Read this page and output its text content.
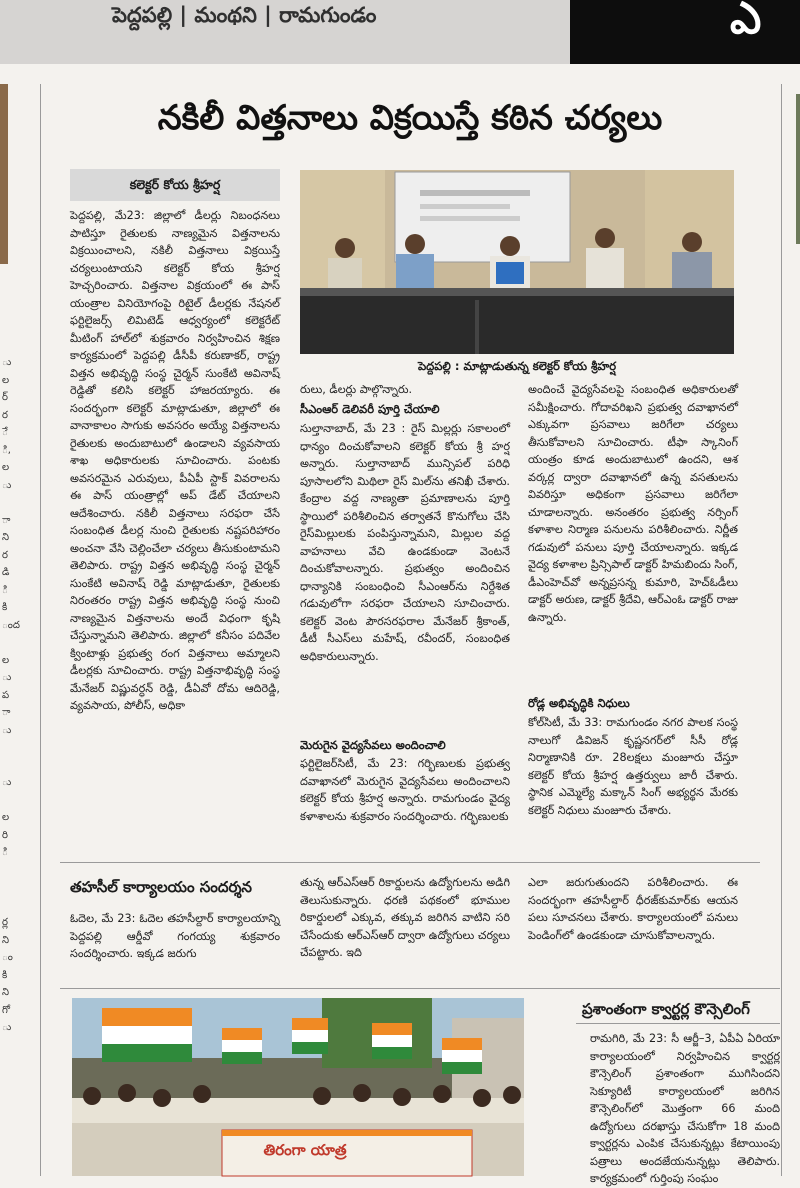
పెద్దపల్లి | మంథని | రామగుండం	ఎ
ు
ల
ర్
ర
ే
ి,
ల
ు

ా
ని
ర
డి
ి
కి
ంద

ల
ు
ప
ా
ు

ు

ల
రి
ి

ర్ల
ని
ం
కి
ని
గో
ు
నకిలీ విత్తనాలు విక్రయిస్తే కఠిన చర్యలు
కలెక్టర్ కోయ శ్రీహర్ష
పెద్దపల్లి : మాట్లాడుతున్న కలెక్టర్ కోయ శ్రీహర్ష
పెద్దపల్లి, మే23: జిల్లాలో డీలర్లు నిబంధనలు పాటిస్తూ రైతులకు నాణ్యమైన విత్తనాలను విక్రయించాలని, నకిలీ విత్తనాలు విక్రయిస్తే చర్యలుంటాయని కలెక్టర్ కోయ శ్రీహర్ష హెచ్చరించారు. విత్తనాల విక్రయంలో ఈ పాస్ యంత్రాల వినియోగంపై రిటైల్ డీలర్లకు నేషనల్ ఫర్టిలైజర్స్ లిమిటెడ్ ఆధ్వర్యంలో కలెక్టరేట్ మీటింగ్ హాల్‌లో శుక్రవారం నిర్వహించిన శిక్షణ కార్యక్రమంలో పెద్దపల్లి డీసీపీ కరుణాకర్, రాష్ట్ర విత్తన అభివృద్ధి సంస్థ చైర్మన్ సుంకేటి అవినాష్ రెడ్డితో కలిసి కలెక్టర్ హాజరయ్యారు. ఈ సందర్భంగా కలెక్టర్ మాట్లాడుతూ, జిల్లాలో ఈ వానాకాలం సాగుకు అవసరం అయ్యే విత్తనాలను రైతులకు అందుబాటులో ఉండాలని వ్యవసాయ శాఖ అధికారులకు సూచించారు. పంటకు అవసరమైన ఎరువులు, పీఏపీ స్టాక్ వివరాలను ఈ పాస్ యంత్రాల్లో అప్ డేట్ చేయాలని ఆదేశించారు. నకిలీ విత్తనాలు సరఫరా చేసే సంబంధిత డీలర్ల నుంచి రైతులకు నష్టపరిహారం అంచనా వేసి చెల్లించేలా చర్యలు తీసుకుంటామని తెలిపారు. రాష్ట్ర విత్తన అభివృద్ధి సంస్థ చైర్మన్ సుంకేటి అవినాష్ రెడ్డి మాట్లాడుతూ, రైతులకు నిరంతరం రాష్ట్ర విత్తన అభివృద్ధి సంస్థ నుంచి నాణ్యమైన విత్తనాలను అందే విధంగా కృషి చేస్తున్నామని తెలిపారు. జిల్లాలో కనీసం పదివేల క్వింటాళ్లు ప్రభుత్వ రంగ విత్తనాలు అమ్మాలని డీలర్లకు సూచించారు. రాష్ట్ర విత్తనాభివృద్ధి సంస్థ మేనేజర్ విష్ణువర్ధన్ రెడ్డి, డీఏవో దోమ ఆదిరెడ్డి, వ్యవసాయ, పోలీస్, అధికా
రులు, డీలర్లు పాల్గొన్నారు.
సీఎంఆర్ డెలివరీ పూర్తి చేయాలి
సుల్తానాబాద్, మే 23 : రైస్ మిల్లర్లు సకాలంలో ధాన్యం దించుకోవాలని కలెక్టర్ కోయ శ్రీ హర్ష అన్నారు. సుల్తానాబాద్ మున్సిపల్ పరిధి పూసాలలోని మిథిలా రైస్ మిల్‌ను తనిఖీ చేశారు. కేంద్రాల వద్ద నాణ్యతా ప్రమాణాలను పూర్తి స్థాయిలో పరిశీలించిన తర్వాతనే కొనుగోలు చేసి రైస్‌మిల్లులకు పంపిస్తున్నామని, మిల్లుల వద్ద వాహనాలు వేచి ఉండకుండా వెంటనే దించుకోవాలన్నారు. ప్రభుత్వం అందించిన ధాన్యానికి సంబంధించి సీఎంఆర్‌ను నిర్దేశిత గడువులోగా సరఫరా చేయాలని సూచించారు. కలెక్టర్ వెంట పౌరసరఫరాల మేనేజర్ శ్రీకాంత్, డీటీ సీఎస్‌లు మహేష్, రవీందర్, సంబంధిత అధికారులున్నారు.
మెరుగైన వైద్యసేవలు అందించాలి
ఫర్టిలైజర్‌సిటీ, మే 23: గర్భిణులకు ప్రభుత్వ దవాఖానలో మెరుగైన వైద్యసేవలు అందించాలని కలెక్టర్ కోయ శ్రీహర్ష అన్నారు. రామగుండం వైద్య కళాశాలను శుక్రవారం సందర్శించారు. గర్భిణులకు
అందించే వైద్యసేవలపై సంబంధిత అధికారులతో సమీక్షించారు. గోదావరిఖని ప్రభుత్వ దవాఖానలో ఎక్కువగా ప్రసవాలు జరిగేలా చర్యలు తీసుకోవాలని సూచించారు. టీఫా స్కానింగ్ యంత్రం కూడ అందుబాటులో ఉందని, ఆశ వర్కర్ల ద్వారా దవాఖానలో ఉన్న వసతులను వివరిస్తూ అధికంగా ప్రసవాలు జరిగేలా చూడాలన్నారు. అనంతరం ప్రభుత్వ నర్సింగ్ కళాశాల నిర్మాణ పనులను పరిశీలించారు. నిర్ణీత గడువులో పనులు పూర్తి చేయాలన్నారు. ఇక్కడ వైద్య కళాశాల ప్రిన్సిపాల్ డాక్టర్ హిమబిందు సింగ్, డీఎంహెచ్‌వో అన్నప్రసన్న కుమారి, హెచ్‌ఓడీలు డాక్టర్ అరుణ, డాక్టర్ శ్రీదేవి, ఆర్‌ఎంఓ డాక్టర్ రాజు ఉన్నారు.
రోడ్ల అభివృద్ధికి నిధులు
కోల్‌సిటీ, మే 33: రామగుండం నగర పాలక సంస్థ నాలుగో డివిజన్ కృష్ణనగర్‌లో సీసీ రోడ్ల నిర్మాణానికి రూ. 28లక్షలు మంజూరు చేస్తూ కలెక్టర్ కోయ శ్రీహర్ష ఉత్తర్వులు జారీ చేశారు. స్థానిక ఎమ్మెల్యే మక్కాన్ సింగ్ అభ్యర్థన మేరకు కలెక్టర్ నిధులు మంజూరు చేశారు.
తహసీల్ కార్యాలయం సందర్శన
ఓదెల, మే 23: ఓదెల తహసీల్దార్ కార్యాలయాన్ని పెద్దపల్లి ఆర్డీవో గంగయ్య శుక్రవారం సందర్శించారు. ఇక్కడ జరుగు
తున్న ఆర్‌ఎస్‌ఆర్ రికార్డులను ఉద్యోగులను అడిగి తెలుసుకున్నారు. ధరణి పథకంలో భూముల రికార్డులలో ఎక్కువ, తక్కువ జరిగిన వాటిని సరి చేసేందుకు ఆర్‌ఎస్‌ఆర్ ద్వారా ఉద్యోగులు చర్యలు చేపట్టారు. ఇది
ఎలా జరుగుతుందని పరిశీలించారు. ఈ సందర్భంగా తహసీల్దార్ ధీరజ్‌కుమార్‌కు ఆయన పలు సూచనలు చేశారు. కార్యాలయంలో పనులు పెండింగ్‌లో ఉండకుండా చూసుకోవాలన్నారు.
తిరంగా యాత్ర
ప్రశాంతంగా క్వార్టర్ల కౌన్సెలింగ్
రామగిరి, మే 23: సీ ఆర్జీ–3, ఏపీఏ ఏరియా కార్యాలయంలో నిర్వహించిన క్వార్టర్ల కౌన్సెలింగ్ ప్రశాంతంగా ముగిసిందని సెక్యూరిటీ కార్యాలయంలో జరిగిన కౌన్సెలింగ్‌లో మొత్తంగా 66 మంది ఉద్యోగులు దరఖాస్తు చేసుకోగా 18 మంది క్వార్టర్లను ఎంపిక చేసుకున్నట్లు కేటాయింపు పత్రాలు అందజేయనున్నట్లు తెలిపారు. కార్యక్రమంలో గుర్తింపు సంఘం
